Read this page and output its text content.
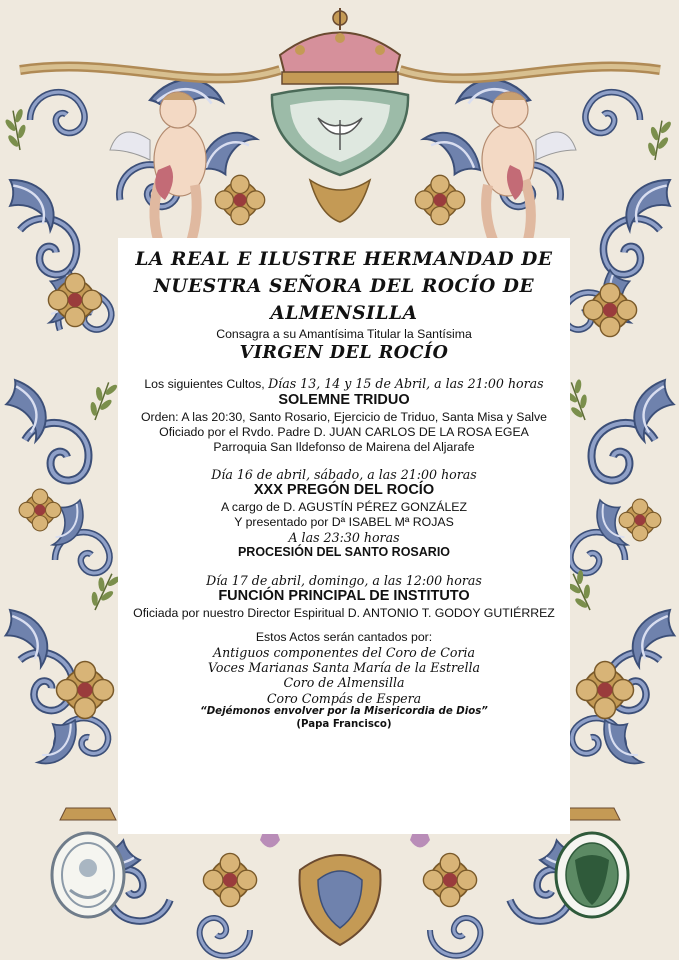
LA REAL E ILUSTRE HERMANDAD DE
NUESTRA SEÑORA DEL ROCÍO DE
ALMENSILLA
Consagra a su Amantísima Titular la Santísima
VIRGEN DEL ROCÍO
Los siguientes Cultos, Días 13, 14 y 15 de Abril, a las 21:00 horas
SOLEMNE TRIDUO
Orden: A las 20:30, Santo Rosario, Ejercicio de Triduo, Santa Misa y Salve
Oficiado por el Rvdo. Padre D. JUAN CARLOS DE LA ROSA EGEA
Parroquia San Ildefonso de Mairena del Aljarafe
Día 16 de abril, sábado, a las 21:00 horas
XXX PREGÓN DEL ROCÍO
A cargo de D. AGUSTÍN PÉREZ GONZÁLEZ
Y presentado por Dª ISABEL Mª ROJAS
A las 23:30 horas
PROCESIÓN DEL SANTO ROSARIO
Día 17 de abril, domingo, a las 12:00 horas
FUNCIÓN PRINCIPAL DE INSTITUTO
Oficiada por nuestro Director Espiritual D. ANTONIO T. GODOY GUTIÉRREZ
Estos Actos serán cantados por:
Antiguos componentes del Coro de Coria
Voces Marianas Santa María de la Estrella
Coro de Almensilla
Coro Compás de Espera
“Dejémonos envolver por la Misericordia de Dios”
(Papa Francisco)
